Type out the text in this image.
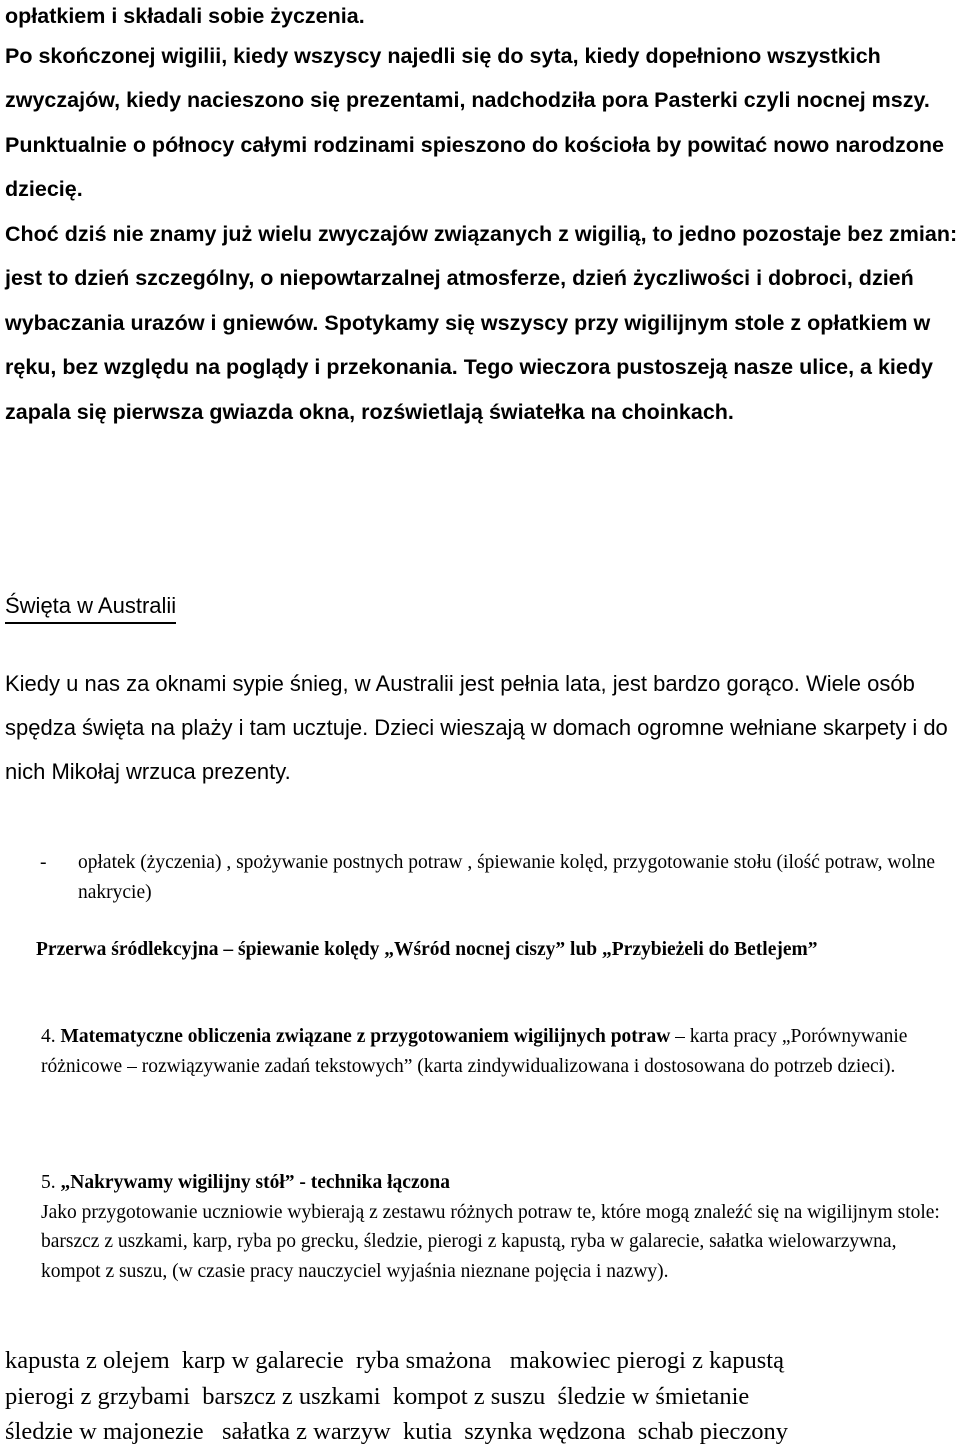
opłatkiem i składali sobie życzenia.

Po skończonej wigilii, kiedy wszyscy najedli się do syta, kiedy dopełniono wszystkich zwyczajów, kiedy nacieszono się prezentami, nadchodziła pora Pasterki czyli nocnej mszy. Punktualnie o północy całymi rodzinami spieszono do kościoła by powitać nowo narodzone dziecię.

Choć dziś nie znamy już wielu zwyczajów związanych z wigilią, to jedno pozostaje bez zmian: jest to dzień szczególny, o niepowtarzalnej atmosferze, dzień życzliwości i dobroci, dzień wybaczania urazów i gniewów. Spotykamy się wszyscy przy wigilijnym stole z opłatkiem w ręku, bez względu na poglądy i przekonania. Tego wieczora pustoszeją nasze ulice, a kiedy zapala się pierwsza gwiazda okna, rozświetlają światełka na choinkach.

Święta w Australii

Kiedy u nas za oknami sypie śnieg, w Australii jest pełnia lata, jest bardzo gorąco. Wiele osób spędza święta na plaży i tam ucztuje. Dzieci wieszają w domach ogromne wełniane skarpety i do nich Mikołaj wrzuca prezenty.

- opłatek (życzenia) , spożywanie postnych potraw , śpiewanie kolęd, przygotowanie stołu (ilość potraw, wolne nakrycie)
Przerwa śródlekcyjna – śpiewanie kolędy „Wśród nocnej ciszy” lub „Przybieżeli do Betlejem”
4. Matematyczne obliczenia związane z przygotowaniem wigilijnych potraw – karta pracy „Porównywanie różnicowe – rozwiązywanie zadań tekstowych” (karta zindywidualizowana i dostosowana do potrzeb dzieci).
5. „Nakrywamy wigilijny stół” - technika łączona
Jako przygotowanie uczniowie wybierają z zestawu różnych potraw te, które mogą znaleźć się na wigilijnym stole: barszcz z uszkami, karp, ryba po grecku, śledzie, pierogi z kapustą, ryba w galarecie, sałatka wielowarzywna, kompot z suszu, (w czasie pracy nauczyciel wyjaśnia nieznane pojęcia i nazwy).
kapusta z olejem karp w galarecie ryba smażona makowiec pierogi z kapustą
pierogi z grzybami barszcz z uszkami kompot z suszu śledzie w śmietanie
śledzie w majonezie sałatka z warzyw kutia szynka wędzona schab pieczony
